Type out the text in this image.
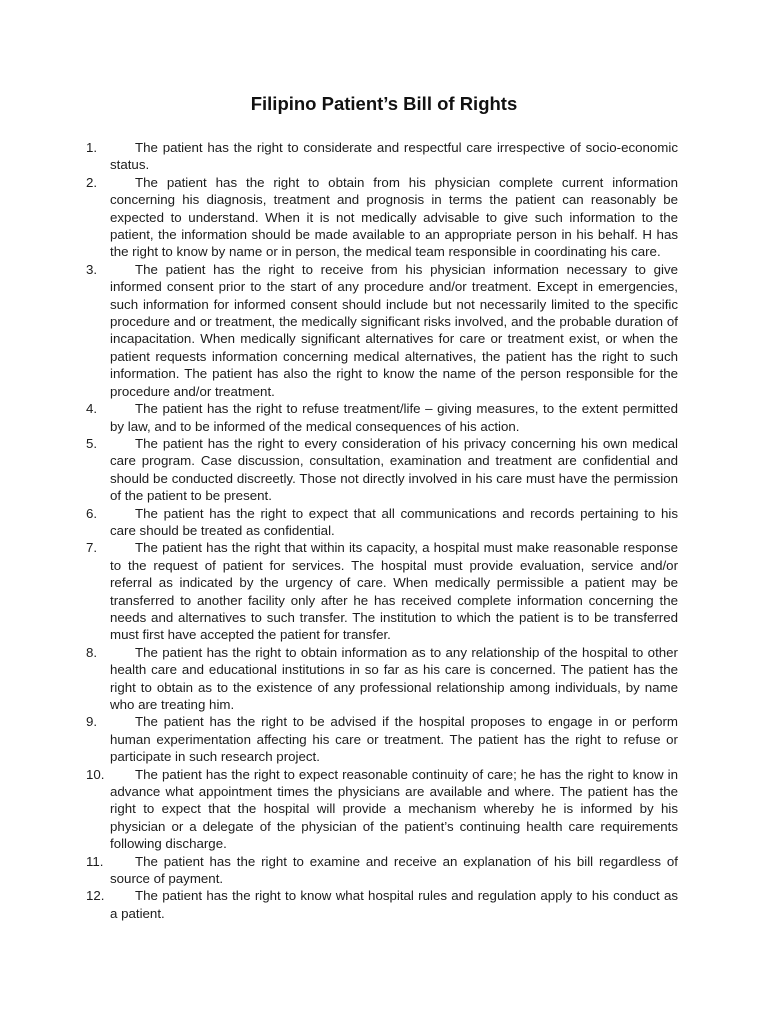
Filipino Patient’s Bill of Rights
1.	The patient has the right to considerate and respectful care irrespective of socio-economic status.
2.	The patient has the right to obtain from his physician complete current information concerning his diagnosis, treatment and prognosis in terms the patient can reasonably be expected to understand. When it is not medically advisable to give such information to the patient, the information should be made available to an appropriate person in his behalf. H has the right to know by name or in person, the medical team responsible in coordinating his care.
3.	The patient has the right to receive from his physician information necessary to give informed consent prior to the start of any procedure and/or treatment. Except in emergencies, such information for informed consent should include but not necessarily limited to the specific procedure and or treatment, the medically significant risks involved, and the probable duration of incapacitation. When medically significant alternatives for care or treatment exist, or when the patient requests information concerning medical alternatives, the patient has the right to such information. The patient has also the right to know the name of the person responsible for the procedure and/or treatment.
4.	The patient has the right to refuse treatment/life – giving measures, to the extent permitted by law, and to be informed of the medical consequences of his action.
5.	The patient has the right to every consideration of his privacy concerning his own medical care program. Case discussion, consultation, examination and treatment are confidential and should be conducted discreetly. Those not directly involved in his care must have the permission of the patient to be present.
6.	The patient has the right to expect that all communications and records pertaining to his care should be treated as confidential.
7.	The patient has the right that within its capacity, a hospital must make reasonable response to the request of patient for services. The hospital must provide evaluation, service and/or referral as indicated by the urgency of care. When medically permissible a patient may be transferred to another facility only after he has received complete information concerning the needs and alternatives to such transfer. The institution to which the patient is to be transferred must first have accepted the patient for transfer.
8.	The patient has the right to obtain information as to any relationship of the hospital to other health care and educational institutions in so far as his care is concerned. The patient has the right to obtain as to the existence of any professional relationship among individuals, by name who are treating him.
9.	The patient has the right to be advised if the hospital proposes to engage in or perform human experimentation affecting his care or treatment. The patient has the right to refuse or participate in such research project.
10.	The patient has the right to expect reasonable continuity of care; he has the right to know in advance what appointment times the physicians are available and where. The patient has the right to expect that the hospital will provide a mechanism whereby he is informed by his physician or a delegate of the physician of the patient’s continuing health care requirements following discharge.
11.	The patient has the right to examine and receive an explanation of his bill regardless of source of payment.
12.	The patient has the right to know what hospital rules and regulation apply to his conduct as a patient.
